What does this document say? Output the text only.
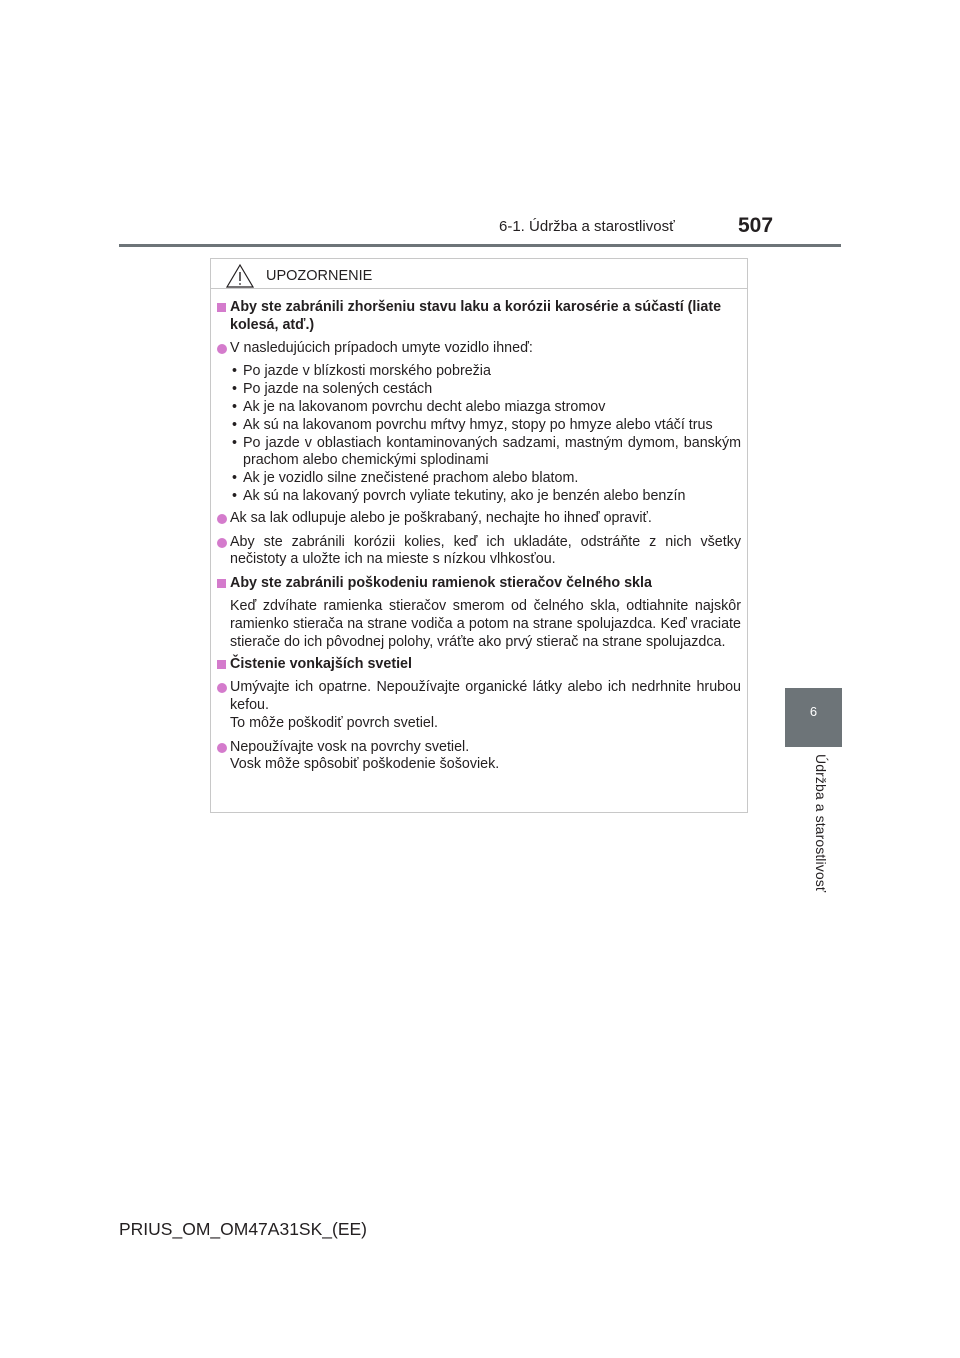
6-1. Údržba a starostlivosť	507
6
Údržba a starostlivosť
UPOZORNENIE
Aby ste zabránili zhoršeniu stavu laku a korózii karosérie a súčastí (liate kolesá, atď.)
V nasledujúcich prípadoch umyte vozidlo ihneď:
• Po jazde v blízkosti morského pobrežia
• Po jazde na solených cestách
• Ak je na lakovanom povrchu decht alebo miazga stromov
• Ak sú na lakovanom povrchu mŕtvy hmyz, stopy po hmyze alebo vtáčí trus
• Po jazde v oblastiach kontaminovaných sadzami, mastným dymom, banským prachom alebo chemickými splodinami
• Ak je vozidlo silne znečistené prachom alebo blatom.
• Ak sú na lakovaný povrch vyliate tekutiny, ako je benzén alebo benzín
Ak sa lak odlupuje alebo je poškrabaný, nechajte ho ihneď opraviť.
Aby ste zabránili korózii kolies, keď ich ukladáte, odstráňte z nich všetky nečistoty a uložte ich na mieste s nízkou vlhkosťou.
Aby ste zabránili poškodeniu ramienok stieračov čelného skla
Keď zdvíhate ramienka stieračov smerom od čelného skla, odtiahnite najskôr ramienko stierača na strane vodiča a potom na strane spolujazdca. Keď vraciate stierače do ich pôvodnej polohy, vráťte ako prvý stierač na strane spolujazdca.
Čistenie vonkajších svetiel
Umývajte ich opatrne. Nepoužívajte organické látky alebo ich nedrhnite hrubou kefou.
To môže poškodiť povrch svetiel.
Nepoužívajte vosk na povrchy svetiel.
Vosk môže spôsobiť poškodenie šošoviek.
PRIUS_OM_OM47A31SK_(EE)
